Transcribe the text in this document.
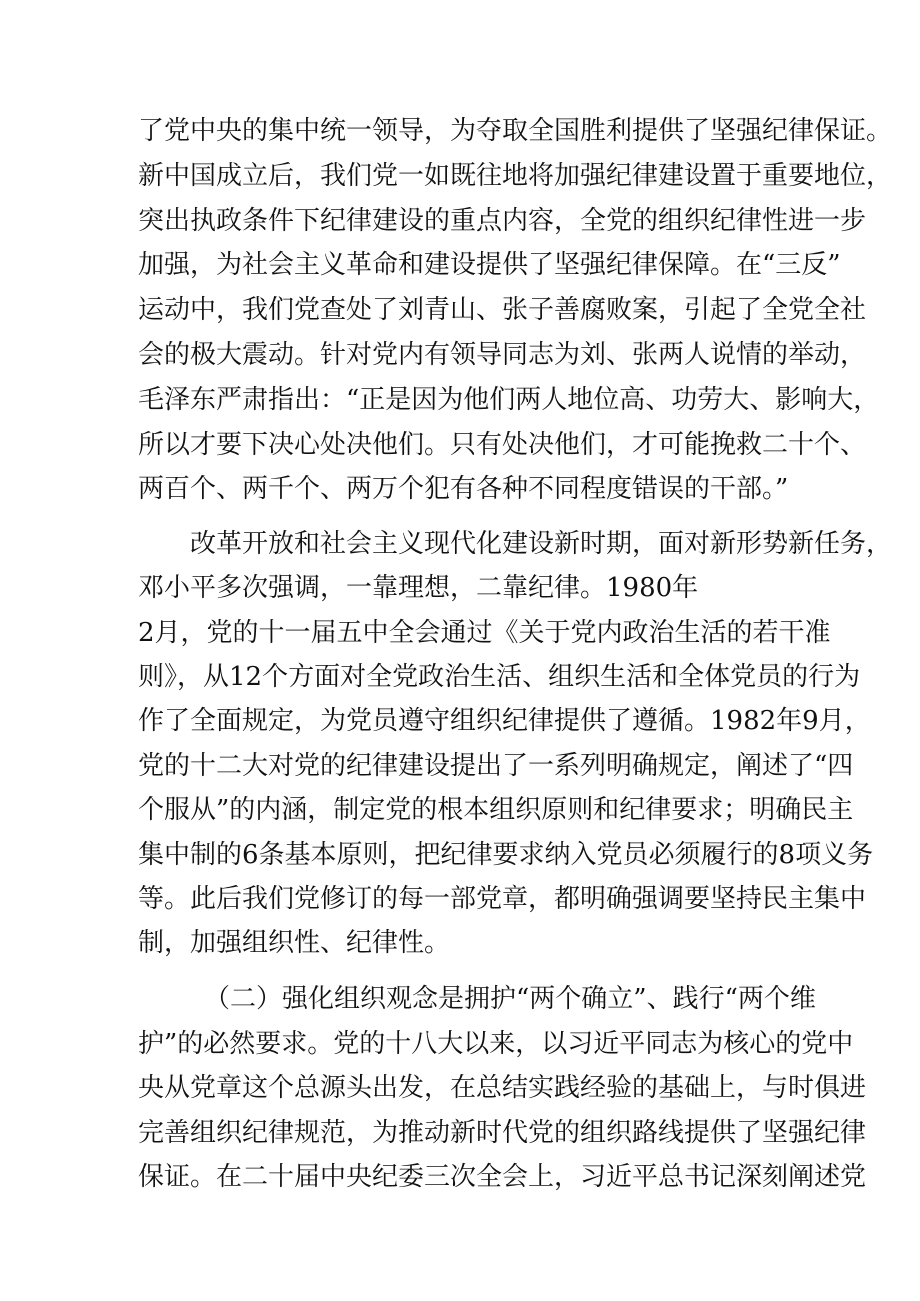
了党中央的集中统一领导，为夺取全国胜利提供了坚强纪律保证。
新中国成立后，我们党一如既往地将加强纪律建设置于重要地位，
突出执政条件下纪律建设的重点内容，全党的组织纪律性进一步
加强，为社会主义革命和建设提供了坚强纪律保障。在“三反”
运动中，我们党查处了刘青山、张子善腐败案，引起了全党全社
会的极大震动。针对党内有领导同志为刘、张两人说情的举动，
毛泽东严肃指出：“正是因为他们两人地位高、功劳大、影响大，
所以才要下决心处决他们。只有处决他们，才可能挽救二十个、
两百个、两千个、两万个犯有各种不同程度错误的干部。”
改革开放和社会主义现代化建设新时期，面对新形势新任务，
邓小平多次强调，一靠理想，二靠纪律。1980年
2月，党的十一届五中全会通过《关于党内政治生活的若干准
则》，从12个方面对全党政治生活、组织生活和全体党员的行为
作了全面规定，为党员遵守组织纪律提供了遵循。1982年9月，
党的十二大对党的纪律建设提出了一系列明确规定，阐述了“四
个服从”的内涵，制定党的根本组织原则和纪律要求；明确民主
集中制的6条基本原则，把纪律要求纳入党员必须履行的8项义务
等。此后我们党修订的每一部党章，都明确强调要坚持民主集中
制，加强组织性、纪律性。
（二）强化组织观念是拥护“两个确立”、践行“两个维
护”的必然要求。党的十八大以来，以习近平同志为核心的党中
央从党章这个总源头出发，在总结实践经验的基础上，与时俱进
完善组织纪律规范，为推动新时代党的组织路线提供了坚强纪律
保证。在二十届中央纪委三次全会上，习近平总书记深刻阐述党
